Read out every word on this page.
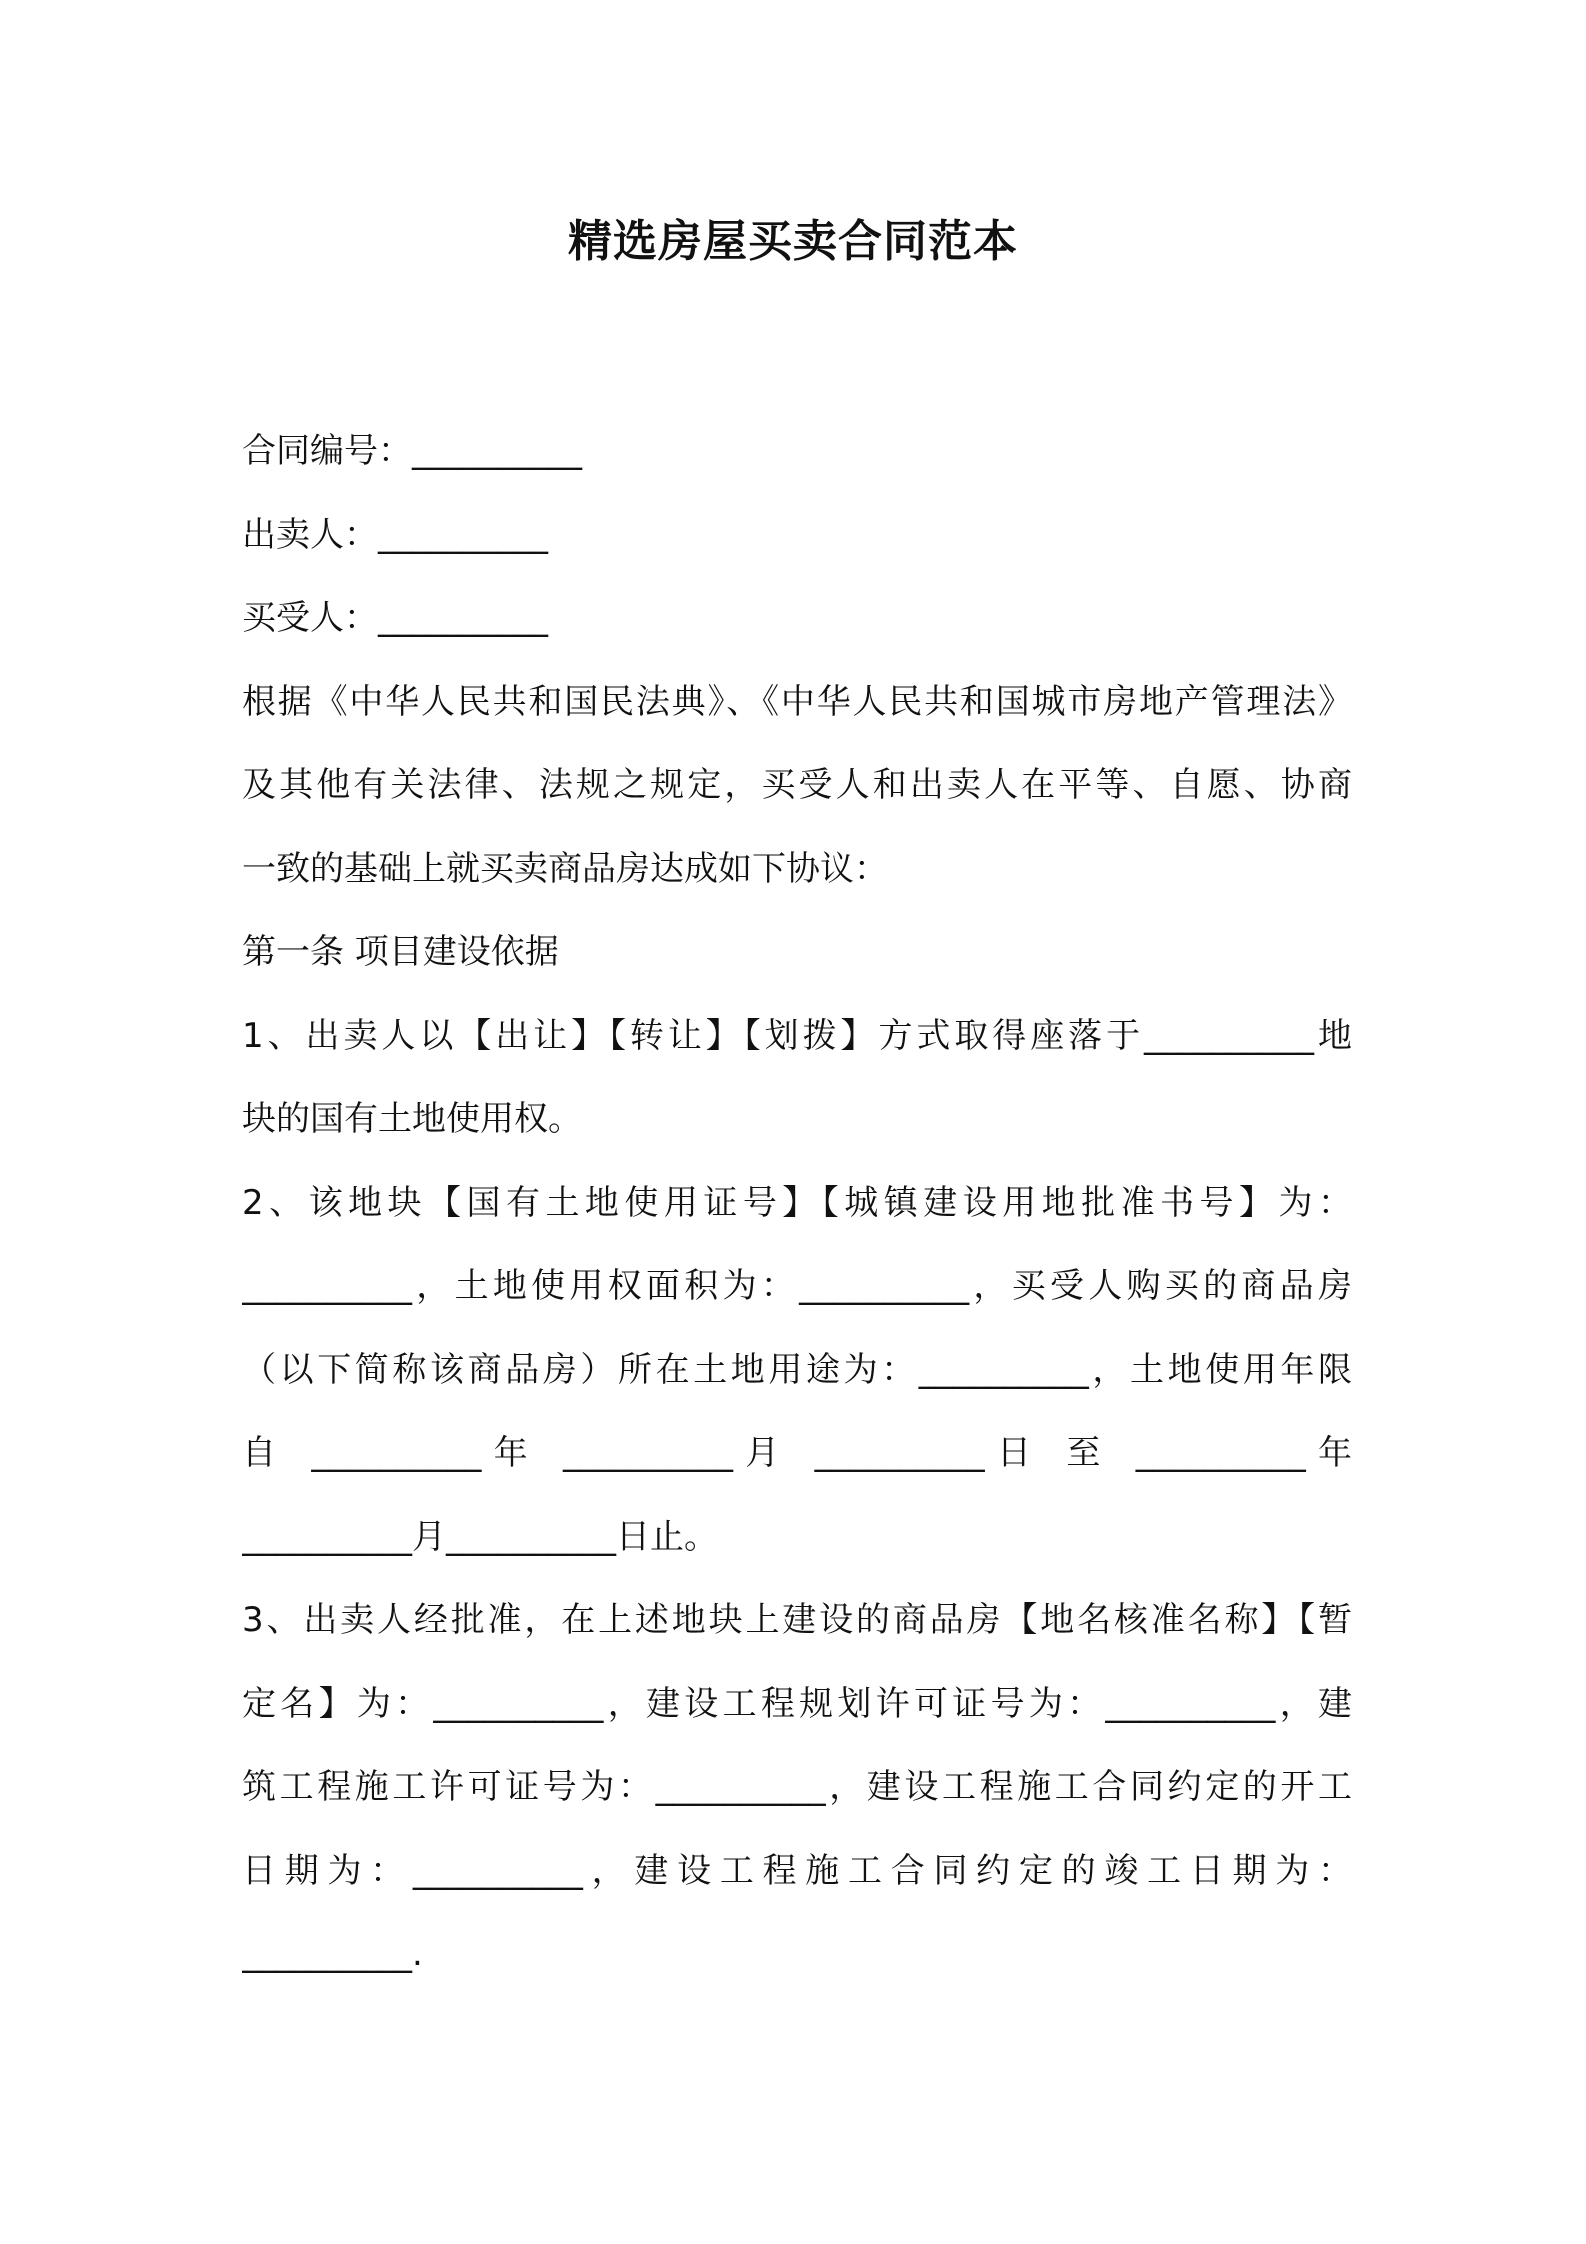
精选房屋买卖合同范本
合同编号：__________
出卖人：__________
买受人：__________
根据《中华人民共和国民法典》、《中华人民共和国城市房地产管理法》
及其他有关法律、法规之规定，买受人和出卖人在平等、自愿、协商
一致的基础上就买卖商品房达成如下协议：
第一条 项目建设依据
1、出卖人以【出让】【转让】【划拨】方式取得座落于__________地
块的国有土地使用权。
2、该地块【国有土地使用证号】【城镇建设用地批准书号】为：
__________，土地使用权面积为：__________，买受人购买的商品房
（以下简称该商品房）所在土地用途为：__________，土地使用年限
自 __________年 __________月 __________日 至 __________年
__________月__________日止。
3、出卖人经批准，在上述地块上建设的商品房【地名核准名称】【暂
定名】为：__________，建设工程规划许可证号为：__________，建
筑工程施工许可证号为：__________，建设工程施工合同约定的开工
日期为：__________，建设工程施工合同约定的竣工日期为：
__________.
